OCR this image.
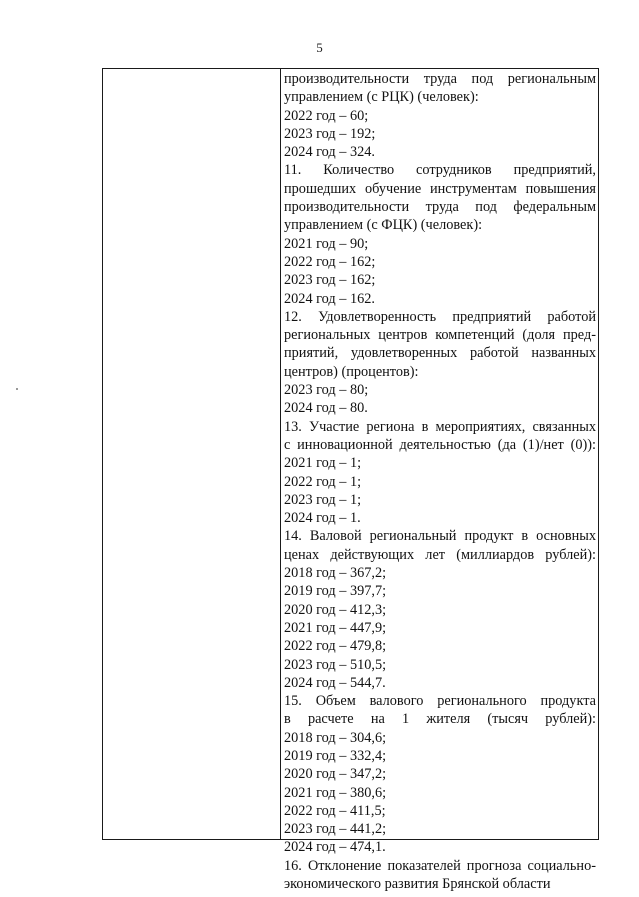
5
производительности труда под региональным
управлением (с РЦК) (человек):
2022 год – 60;
2023 год – 192;
2024 год – 324.
11. Количество сотрудников предприятий,
прошедших обучение инструментам повышения
производительности труда под федеральным
управлением (с ФЦК) (человек):
2021 год – 90;
2022 год – 162;
2023 год – 162;
2024 год – 162.
12. Удовлетворенность предприятий работой
региональных центров компетенций (доля пред-
приятий, удовлетворенных работой названных
центров) (процентов):
2023 год – 80;
2024 год – 80.
13. Участие региона в мероприятиях, связанных
с инновационной деятельностью (да (1)/нет (0)):
2021 год – 1;
2022 год – 1;
2023 год – 1;
2024 год – 1.
14. Валовой региональный продукт в основных
ценах действующих лет (миллиардов рублей):
2018 год – 367,2;
2019 год – 397,7;
2020 год – 412,3;
2021 год – 447,9;
2022 год – 479,8;
2023 год – 510,5;
2024 год – 544,7.
15. Объем валового регионального продукта
в расчете на 1 жителя (тысяч рублей):
2018 год – 304,6;
2019 год – 332,4;
2020 год – 347,2;
2021 год – 380,6;
2022 год – 411,5;
2023 год – 441,2;
2024 год – 474,1.
16. Отклонение показателей прогноза социально-
экономического развития Брянской области
